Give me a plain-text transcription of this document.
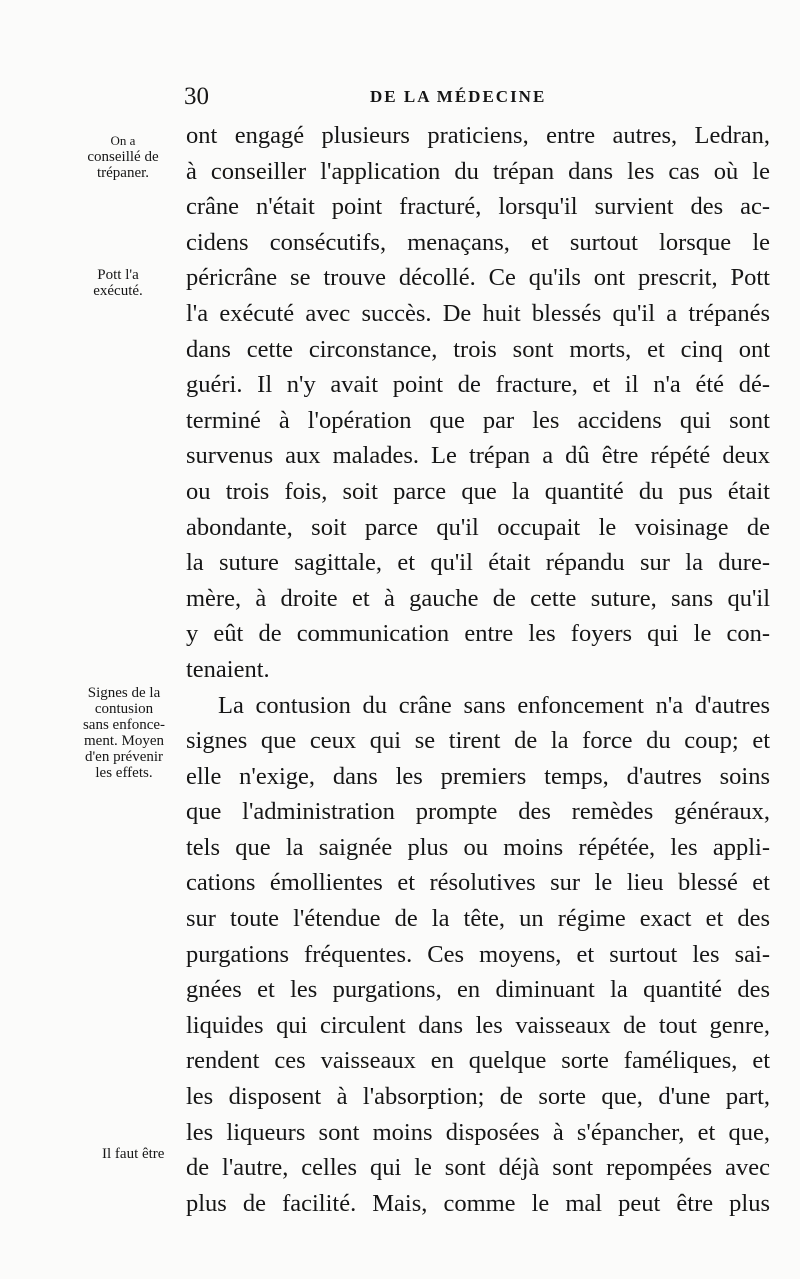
30	DE LA MÉDECINE
On a
conseillé de
trépaner.
Pott l'a
exécuté.
Signes de la
contusion
sans enfonce-
ment. Moyen
d'en prévenir
les effets.
Il faut être
ont engagé plusieurs praticiens, entre autres, Ledran,
à conseiller l'application du trépan dans les cas où le
crâne n'était point fracturé, lorsqu'il survient des ac-
cidens consécutifs, menaçans, et surtout lorsque le
péricrâne se trouve décollé. Ce qu'ils ont prescrit, Pott
l'a exécuté avec succès. De huit blessés qu'il a trépanés
dans cette circonstance, trois sont morts, et cinq ont
guéri. Il n'y avait point de fracture, et il n'a été dé-
terminé à l'opération que par les accidens qui sont
survenus aux malades. Le trépan a dû être répété deux
ou trois fois, soit parce que la quantité du pus était
abondante, soit parce qu'il occupait le voisinage de
la suture sagittale, et qu'il était répandu sur la dure-
mère, à droite et à gauche de cette suture, sans qu'il
y eût de communication entre les foyers qui le con-
tenaient.
La contusion du crâne sans enfoncement n'a d'autres
signes que ceux qui se tirent de la force du coup; et
elle n'exige, dans les premiers temps, d'autres soins
que l'administration prompte des remèdes généraux,
tels que la saignée plus ou moins répétée, les appli-
cations émollientes et résolutives sur le lieu blessé et
sur toute l'étendue de la tête, un régime exact et des
purgations fréquentes. Ces moyens, et surtout les sai-
gnées et les purgations, en diminuant la quantité des
liquides qui circulent dans les vaisseaux de tout genre,
rendent ces vaisseaux en quelque sorte faméliques, et
les disposent à l'absorption; de sorte que, d'une part,
les liqueurs sont moins disposées à s'épancher, et que,
de l'autre, celles qui le sont déjà sont repompées avec
plus de facilité. Mais, comme le mal peut être plus
